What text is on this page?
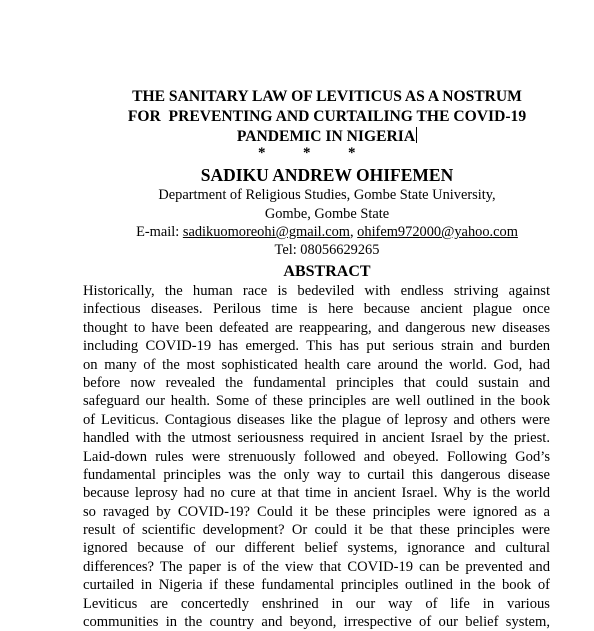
THE SANITARY LAW OF LEVITICUS AS A NOSTRUM
FOR  PREVENTING AND CURTAILING THE COVID-19
PANDEMIC IN NIGERIA
*          *          *
SADIKU ANDREW OHIFEMEN
Department of Religious Studies, Gombe State University,
Gombe, Gombe State
E-mail: sadikuomoreohi@gmail.com, ohifem972000@yahoo.com
Tel: 08056629265
ABSTRACT
Historically, the human race is bedeviled with endless striving against
infectious diseases. Perilous time is here because ancient plague once
thought to have been defeated are reappearing, and dangerous new diseases
including COVID-19 has emerged. This has put serious strain and burden
on many of the most sophisticated health care around the world. God, had
before now revealed the fundamental principles that could sustain and
safeguard our health. Some of these principles are well outlined in the book
of Leviticus. Contagious diseases like the plague of leprosy and others were
handled with the utmost seriousness required in ancient Israel by the priest.
Laid-down rules were strenuously followed and obeyed. Following God’s
fundamental principles was the only way to curtail this dangerous disease
because leprosy had no cure at that time in ancient Israel. Why is the world
so ravaged by COVID-19? Could it be these principles were ignored as a
result of scientific development? Or could it be that these principles were
ignored because of our different belief systems, ignorance and cultural
differences? The paper is of the view that COVID-19 can be prevented and
curtailed in Nigeria if these fundamental principles outlined in the book of
Leviticus are concertedly enshrined in our way of life in various
communities in the country and beyond, irrespective of our belief system,
